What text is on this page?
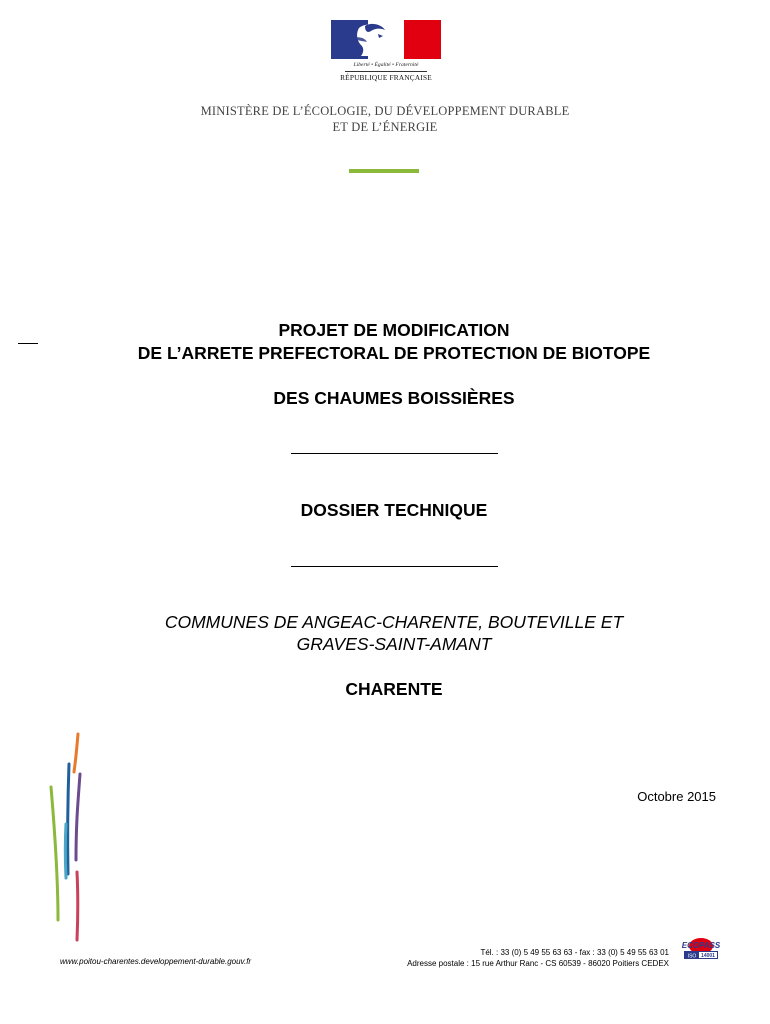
Liberté • Égalité • Fraternité
RÉPUBLIQUE FRANÇAISE
MINISTÈRE DE L’ÉCOLOGIE, DU DÉVELOPPEMENT DURABLE
ET DE L’ÉNERGIE
PROJET DE MODIFICATION
DE L’ARRETE PREFECTORAL DE PROTECTION DE BIOTOPE
DES CHAUMES BOISSIÈRES
DOSSIER TECHNIQUE
COMMUNES DE ANGEAC-CHARENTE, BOUTEVILLE ET
GRAVES-SAINT-AMANT
CHARENTE
Octobre 2015
www.poitou-charentes.developpement-durable.gouv.fr
Tél. : 33 (0) 5 49 55 63 63 - fax : 33 (0) 5 49 55 63 01
Adresse postale : 15 rue Arthur Ranc - CS 60539 - 86020 Poitiers CEDEX
ECOPASS
ISO 14001
